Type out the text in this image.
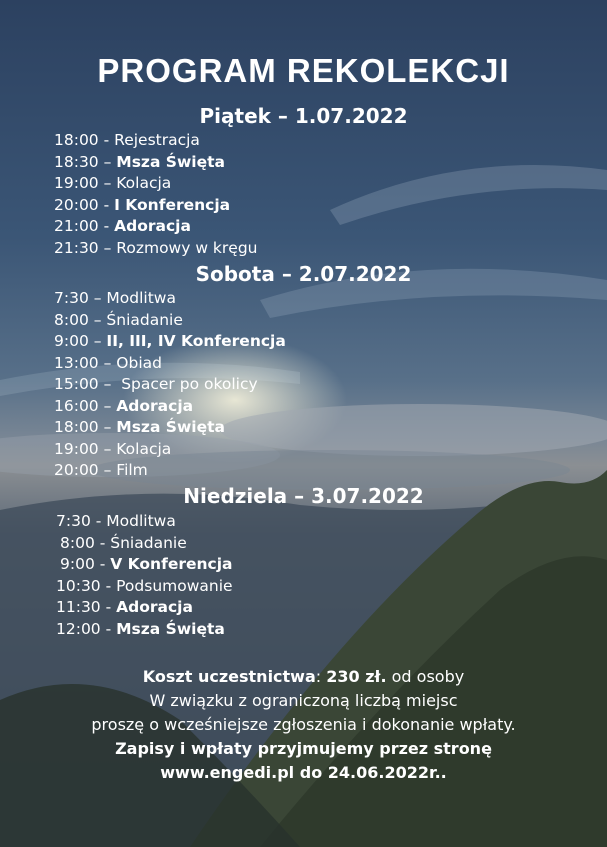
PROGRAM REKOLEKCJI
Piątek – 1.07.2022
18:00 - Rejestracja
18:30 – Msza Święta
19:00 – Kolacja
20:00 - I Konferencja
21:00 - Adoracja
21:30 – Rozmowy w kręgu
Sobota – 2.07.2022
7:30 – Modlitwa
8:00 – Śniadanie
9:00 – II, III, IV Konferencja
13:00 – Obiad
15:00 –  Spacer po okolicy
16:00 – Adoracja
18:00 – Msza Święta
19:00 – Kolacja
20:00 – Film
Niedziela – 3.07.2022
7:30 - Modlitwa
8:00 - Śniadanie
9:00 - V Konferencja
10:30 - Podsumowanie
11:30 - Adoracja
12:00 - Msza Święta

Koszt uczestnictwa: 230 zł. od osoby

W związku z ograniczoną liczbą miejsc

proszę o wcześniejsze zgłoszenia i dokonanie wpłaty.

Zapisy i wpłaty przyjmujemy przez stronę

www.engedi.pl do 24.06.2022r..
